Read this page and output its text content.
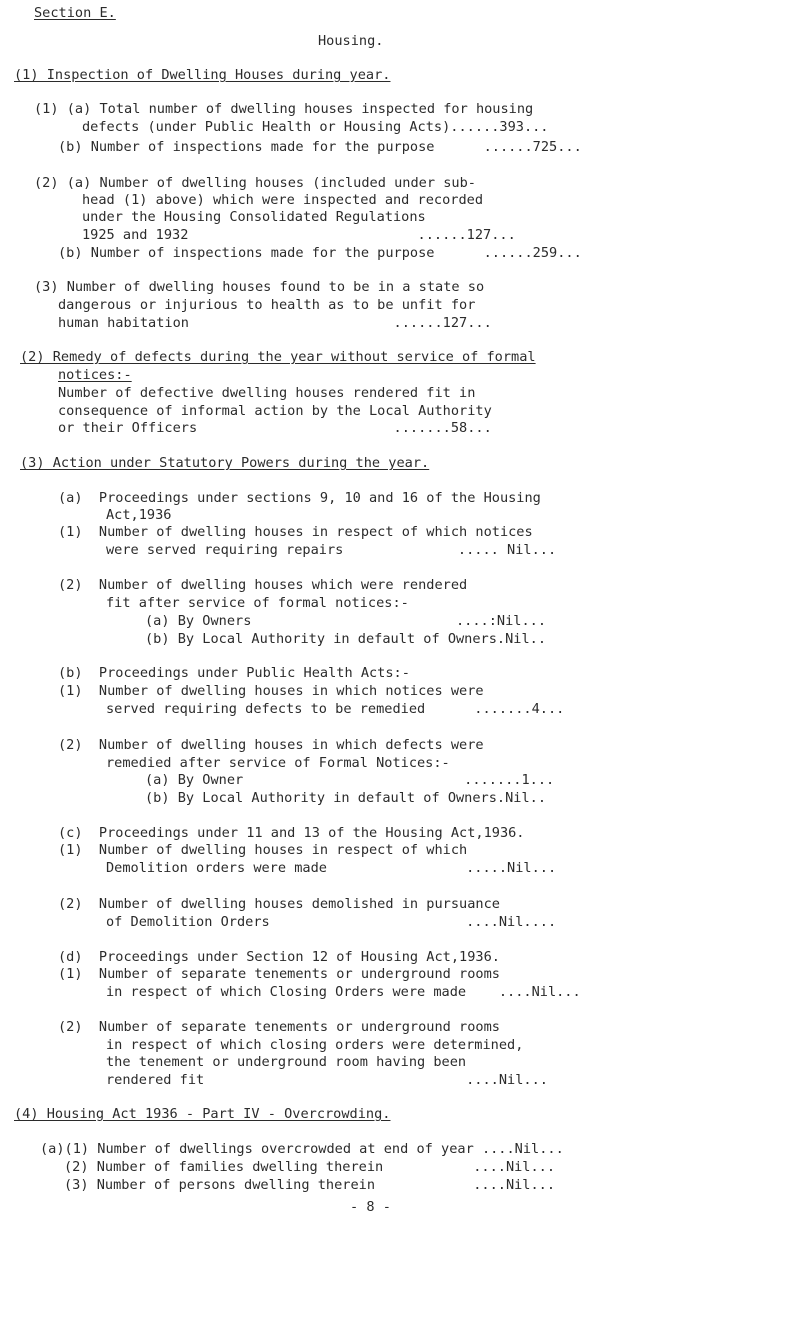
Section E.
Housing.
(1) Inspection of Dwelling Houses during year.
(1) (a) Total number of dwelling houses inspected for housing
defects (under Public Health or Housing Acts)......393...
(b) Number of inspections made for the purpose      ......725...
(2) (a) Number of dwelling houses (included under sub-
head (1) above) which were inspected and recorded
under the Housing Consolidated Regulations
1925 and 1932                            ......127...
(b) Number of inspections made for the purpose      ......259...
(3) Number of dwelling houses found to be in a state so
dangerous or injurious to health as to be unfit for
human habitation                         ......127...
(2) Remedy of defects during the year without service of formal
notices:-
Number of defective dwelling houses rendered fit in
consequence of informal action by the Local Authority
or their Officers                        .......58...
(3) Action under Statutory Powers during the year.
(a)  Proceedings under sections 9, 10 and 16 of the Housing
Act,1936
(1)  Number of dwelling houses in respect of which notices
were served requiring repairs              ..... Nil...
(2)  Number of dwelling houses which were rendered
fit after service of formal notices:-
(a) By Owners                         ....:Nil...
(b) By Local Authority in default of Owners.Nil..
(b)  Proceedings under Public Health Acts:-
(1)  Number of dwelling houses in which notices were
served requiring defects to be remedied      .......4...
(2)  Number of dwelling houses in which defects were
remedied after service of Formal Notices:-
(a) By Owner                           .......1...
(b) By Local Authority in default of Owners.Nil..
(c)  Proceedings under 11 and 13 of the Housing Act,1936.
(1)  Number of dwelling houses in respect of which
Demolition orders were made                 .....Nil...
(2)  Number of dwelling houses demolished in pursuance
of Demolition Orders                        ....Nil....
(d)  Proceedings under Section 12 of Housing Act,1936.
(1)  Number of separate tenements or underground rooms
in respect of which Closing Orders were made    ....Nil...
(2)  Number of separate tenements or underground rooms
in respect of which closing orders were determined,
the tenement or underground room having been
rendered fit                                ....Nil...
(4) Housing Act 1936 - Part IV - Overcrowding.
(a)(1) Number of dwellings overcrowded at end of year ....Nil...
(2) Number of families dwelling therein           ....Nil...
(3) Number of persons dwelling therein            ....Nil...
- 8 -
